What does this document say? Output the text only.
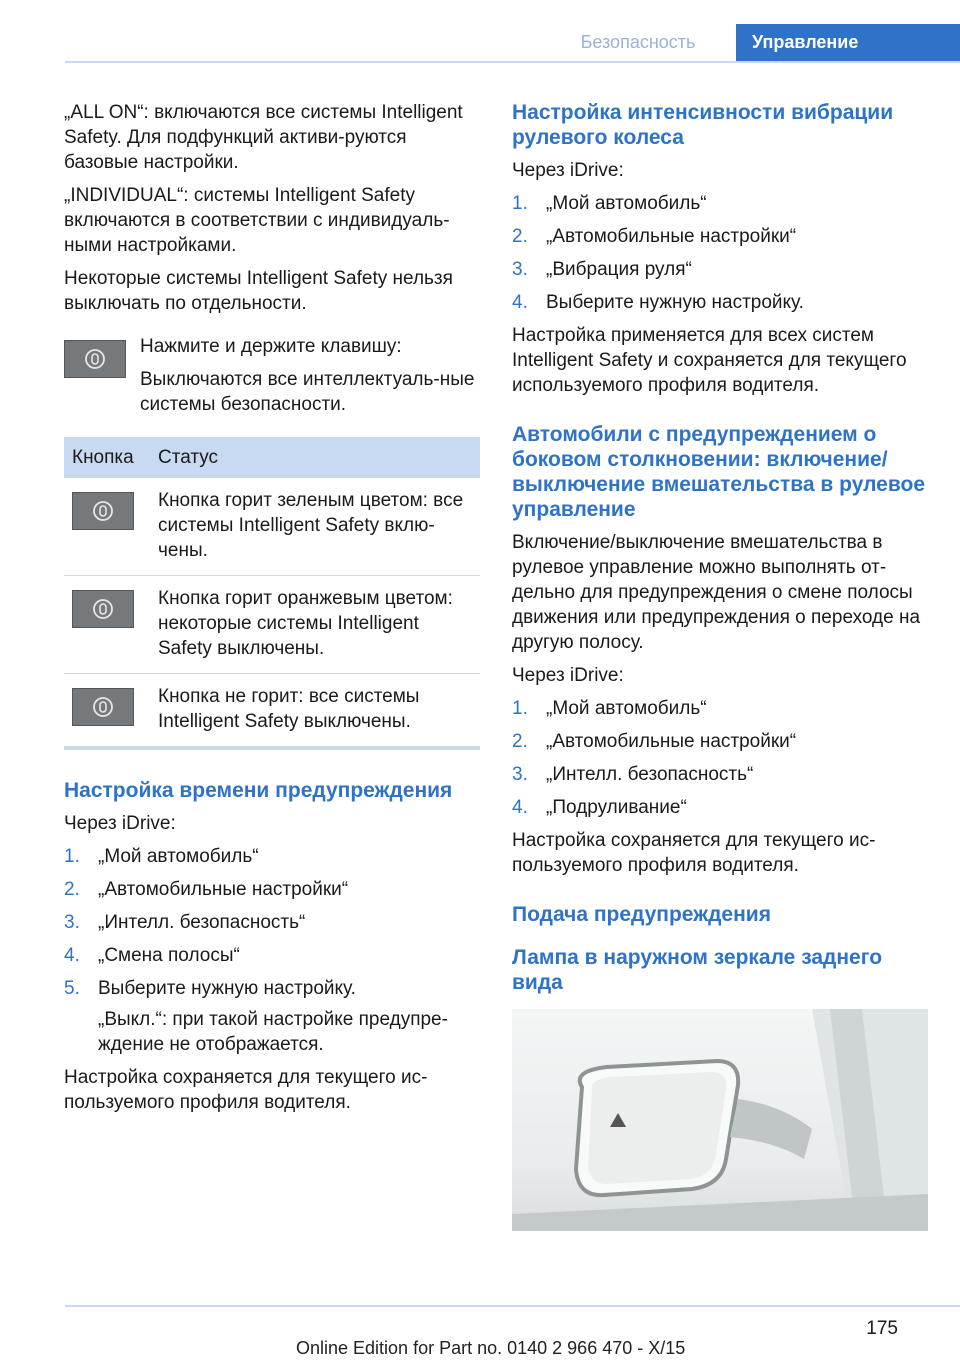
Безопасность	Управление

„ALL ON“: включаются все системы Intelligent Safety. Для подфункций активи-руются базовые настройки.

„INDIVIDUAL“: системы Intelligent Safety включаются в соответствии с индивидуаль-ными настройками.

Некоторые системы Intelligent Safety нельзя выключать по отдельности.

Нажмите и держите клавишу:

Выключаются все интеллектуаль-ные системы безопасности.

Кнопка	Статус

	Кнопка горит зеленым цветом: все системы Intelligent Safety вклю-чены.

	Кнопка горит оранжевым цветом: некоторые системы Intelligent Safety выключены.

	Кнопка не горит: все системы Intelligent Safety выключены.
Настройка времени предупреждения

Через iDrive:

1. „Мой автомобиль“
2. „Автомобильные настройки“
3. „Интелл. безопасность“
4. „Смена полосы“
5. Выберите нужную настройку.
„Выкл.“: при такой настройке предупре-ждение не отображается.

Настройка сохраняется для текущего ис-пользуемого профиля водителя.

Настройка интенсивности вибрации рулевого колеса

Через iDrive:

1. „Мой автомобиль“
2. „Автомобильные настройки“
3. „Вибрация руля“
4. Выберите нужную настройку.

Настройка применяется для всех систем Intelligent Safety и сохраняется для текущего используемого профиля водителя.

Автомобили с предупреждением о боковом столкновении: включение/выключение вмешательства в рулевое управление

Включение/выключение вмешательства в рулевое управление можно выполнять от-дельно для предупреждения о смене полосы движения или предупреждения о переходе на другую полосу.

Через iDrive:

1. „Мой автомобиль“
2. „Автомобильные настройки“
3. „Интелл. безопасность“
4. „Подруливание“

Настройка сохраняется для текущего ис-пользуемого профиля водителя.

Подача предупреждения
Лампа в наружном зеркале заднего вида
175
Online Edition for Part no. 0140 2 966 470 - X/15
